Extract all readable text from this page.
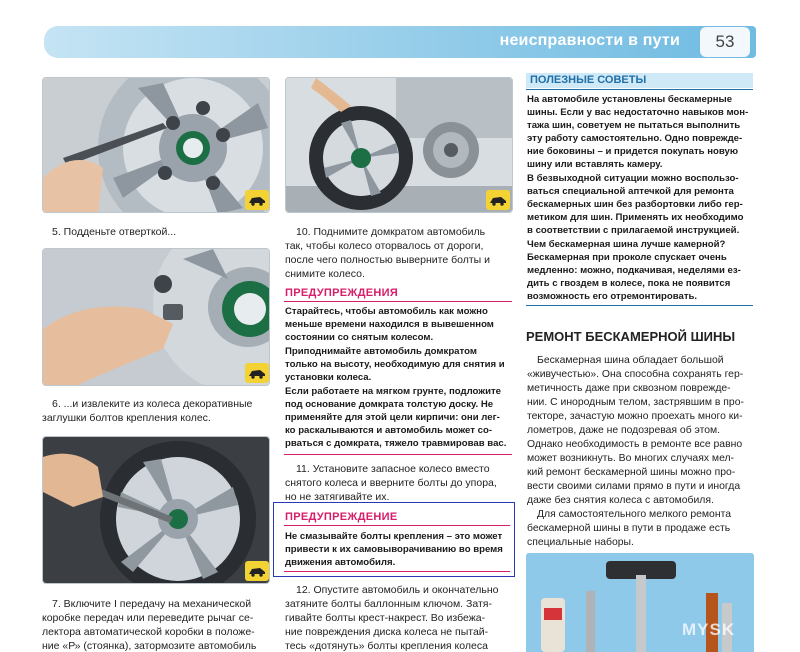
неисправности в пути	53
5. Подденьте отверткой...
6. ...и извлеките из колеса декоративные
заглушки болтов крепления колес.
7. Включите I передачу на механической
коробке передач или переведите рычаг се-
лектора автоматической коробки в положе-
ние «Р» (стоянка), затормозите автомобиль
10. Поднимите домкратом автомобиль
так, чтобы колесо оторвалось от дороги,
после чего полностью выверните болты и
снимите колесо.
ПРЕДУПРЕЖДЕНИЯ
Старайтесь, чтобы автомобиль как можно
меньше времени находился в вывешенном
состоянии со снятым колесом.
Приподнимайте автомобиль домкратом
только на высоту, необходимую для снятия и
установки колеса.
Если работаете на мягком грунте, подложите
под основание домкрата толстую доску. Не
применяйте для этой цели кирпичи: они лег-
ко раскалываются и автомобиль может со-
рваться с домкрата, тяжело травмировав вас.
11. Установите запасное колесо вместо
снятого колеса и вверните болты до упора,
но не затягивайте их.
ПРЕДУПРЕЖДЕНИЕ
Не смазывайте болты крепления – это может
привести к их самовыворачиванию во время
движения автомобиля.
12. Опустите автомобиль и окончательно
затяните болты баллонным ключом. Затя-
гивайте болты крест-накрест. Во избежа-
ние повреждения диска колеса не пытай-
тесь «дотянуть» болты крепления колеса
ПОЛЕЗНЫЕ СОВЕТЫ
На автомобиле установлены бескамерные
шины. Если у вас недостаточно навыков мон-
тажа шин, советуем не пытаться выполнить
эту работу самостоятельно. Одно поврежде-
ние боковины – и придется покупать новую
шину или вставлять камеру.
В безвыходной ситуации можно воспользо-
ваться специальной аптечкой для ремонта
бескамерных шин без разбортовки либо гер-
метиком для шин. Применять их необходимо
в соответствии с прилагаемой инструкцией.
Чем бескамерная шина лучше камерной?
Бескамерная при проколе спускает очень
медленно: можно, подкачивая, неделями ез-
дить с гвоздем в колесе, пока не появится
возможность его отремонтировать.
РЕМОНТ БЕСКАМЕРНОЙ ШИНЫ
Бескамерная шина обладает большой
«живучестью». Она способна сохранять гер-
метичность даже при сквозном поврежде-
нии. С инородным телом, застрявшим в про-
текторе, зачастую можно проехать много ки-
лометров, даже не подозревая об этом.
Однако необходимость в ремонте все равно
может возникнуть. Во многих случаях мел-
кий ремонт бескамерной шины можно про-
вести своими силами прямо в пути и иногда
даже без снятия колеса с автомобиля.
Для самостоятельного мелкого ремонта
бескамерной шины в пути в продаже есть
специальные наборы.
MYSK	.ru
